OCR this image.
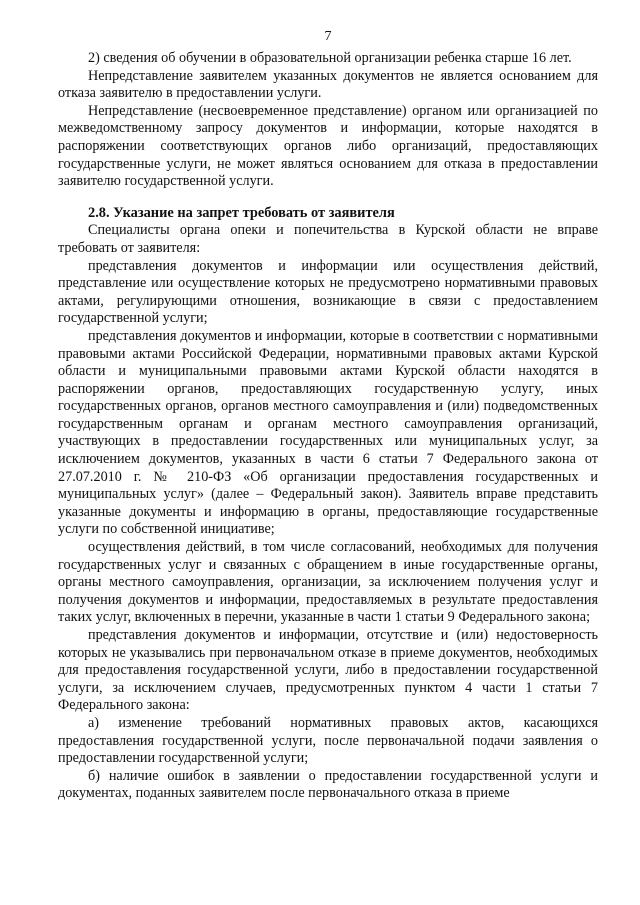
7

2) сведения об обучении в образовательной организации ребенка старше 16 лет.

Непредставление заявителем указанных документов не является основанием для отказа заявителю в предоставлении услуги.

Непредставление (несвоевременное представление) органом или организацией по межведомственному запросу документов и информации, которые находятся в распоряжении соответствующих органов либо организаций, предоставляющих государственные услуги, не может являться основанием для отказа в предоставлении заявителю государственной услуги.

2.8. Указание на запрет требовать от заявителя

Специалисты органа опеки и попечительства в Курской области не вправе требовать от заявителя:

представления документов и информации или осуществления действий, представление или осуществление которых не предусмотрено нормативными правовых актами, регулирующими отношения, возникающие в связи с предоставлением государственной услуги;

представления документов и информации, которые в соответствии с нормативными правовыми актами Российской Федерации, нормативными правовых актами Курской области и муниципальными правовыми актами Курской области находятся в распоряжении органов, предоставляющих государственную услугу, иных государственных органов, органов местного самоуправления и (или) подведомственных государственным органам и органам местного самоуправления организаций, участвующих в предоставлении государственных или муниципальных услуг, за исключением документов, указанных в части 6 статьи 7 Федерального закона от 27.07.2010 г. № 210-ФЗ «Об организации предоставления государственных и муниципальных услуг» (далее – Федеральный закон). Заявитель вправе представить указанные документы и информацию в органы, предоставляющие государственные услуги по собственной инициативе;

осуществления действий, в том числе согласований, необходимых для получения государственных услуг и связанных с обращением в иные государственные органы, органы местного самоуправления, организации, за исключением получения услуг и получения документов и информации, предоставляемых в результате предоставления таких услуг, включенных в перечни, указанные в части 1 статьи 9 Федерального закона;

представления документов и информации, отсутствие и (или) недостоверность которых не указывались при первоначальном отказе в приеме документов, необходимых для предоставления государственной услуги, либо в предоставлении государственной услуги, за исключением случаев, предусмотренных пунктом 4 части 1 статьи 7 Федерального закона:

а) изменение требований нормативных правовых актов, касающихся предоставления государственной услуги, после первоначальной подачи заявления о предоставлении государственной услуги;

б) наличие ошибок в заявлении о предоставлении государственной услуги и документах, поданных заявителем после первоначального отказа в приеме
